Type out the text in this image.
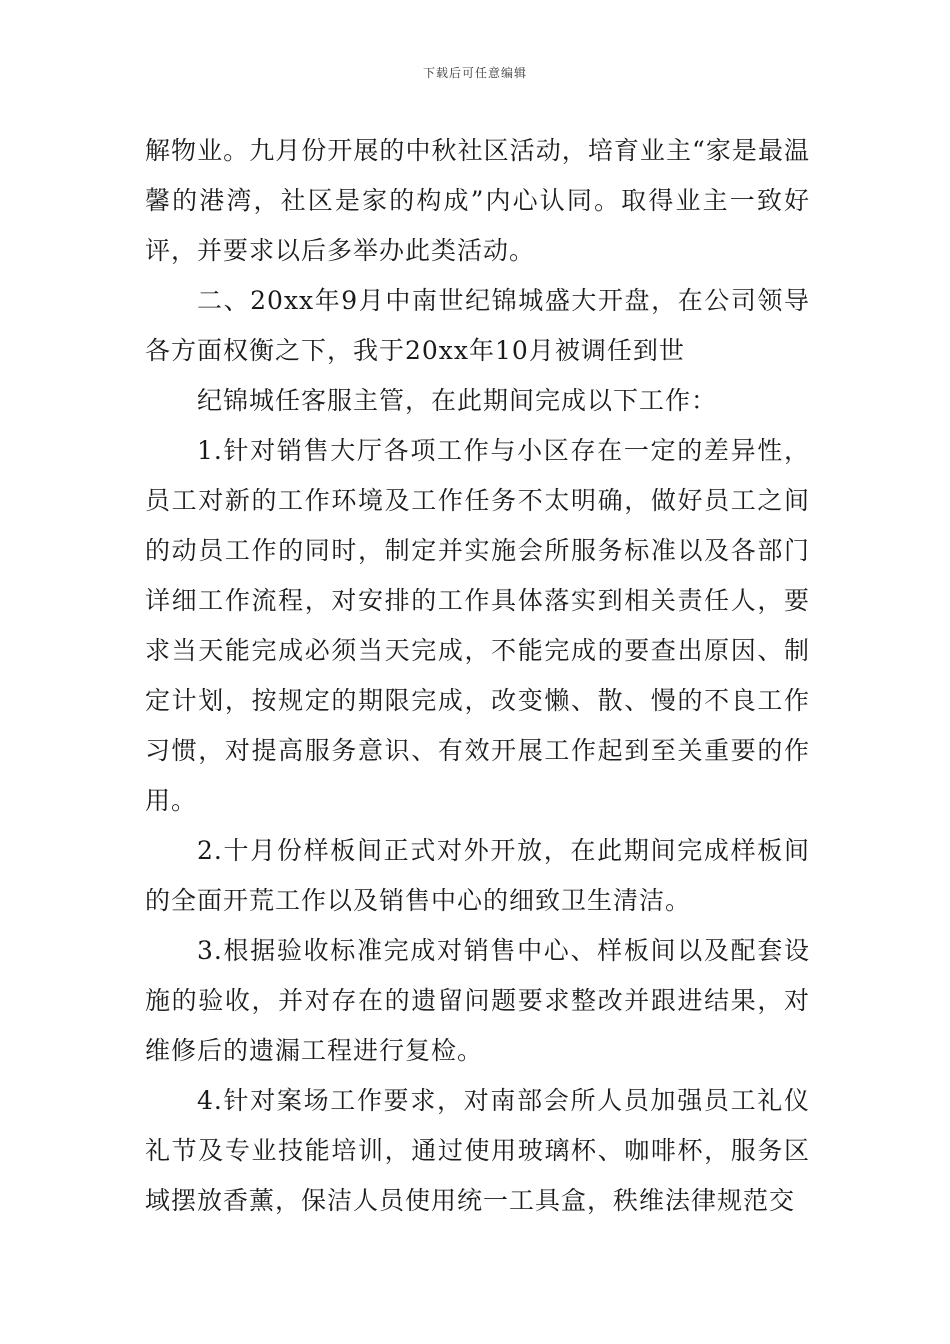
下载后可任意编辑

解物业。九月份开展的中秋社区活动，培育业主“家是最温馨的港湾，社区是家的构成”内心认同。取得业主一致好评，并要求以后多举办此类活动。

二、20xx年9月中南世纪锦城盛大开盘，在公司领导各方面权衡之下，我于20xx年10月被调任到世

纪锦城任客服主管，在此期间完成以下工作：

1.针对销售大厅各项工作与小区存在一定的差异性，员工对新的工作环境及工作任务不太明确，做好员工之间的动员工作的同时，制定并实施会所服务标准以及各部门详细工作流程，对安排的工作具体落实到相关责任人，要求当天能完成必须当天完成，不能完成的要查出原因、制定计划，按规定的期限完成，改变懒、散、慢的不良工作习惯，对提高服务意识、有效开展工作起到至关重要的作用。

2.十月份样板间正式对外开放，在此期间完成样板间的全面开荒工作以及销售中心的细致卫生清洁。

3.根据验收标准完成对销售中心、样板间以及配套设施的验收，并对存在的遗留问题要求整改并跟进结果，对维修后的遗漏工程进行复检。

4.针对案场工作要求，对南部会所人员加强员工礼仪礼节及专业技能培训，通过使用玻璃杯、咖啡杯，服务区域摆放香薰，保洁人员使用统一工具盒，秩维法律规范交
